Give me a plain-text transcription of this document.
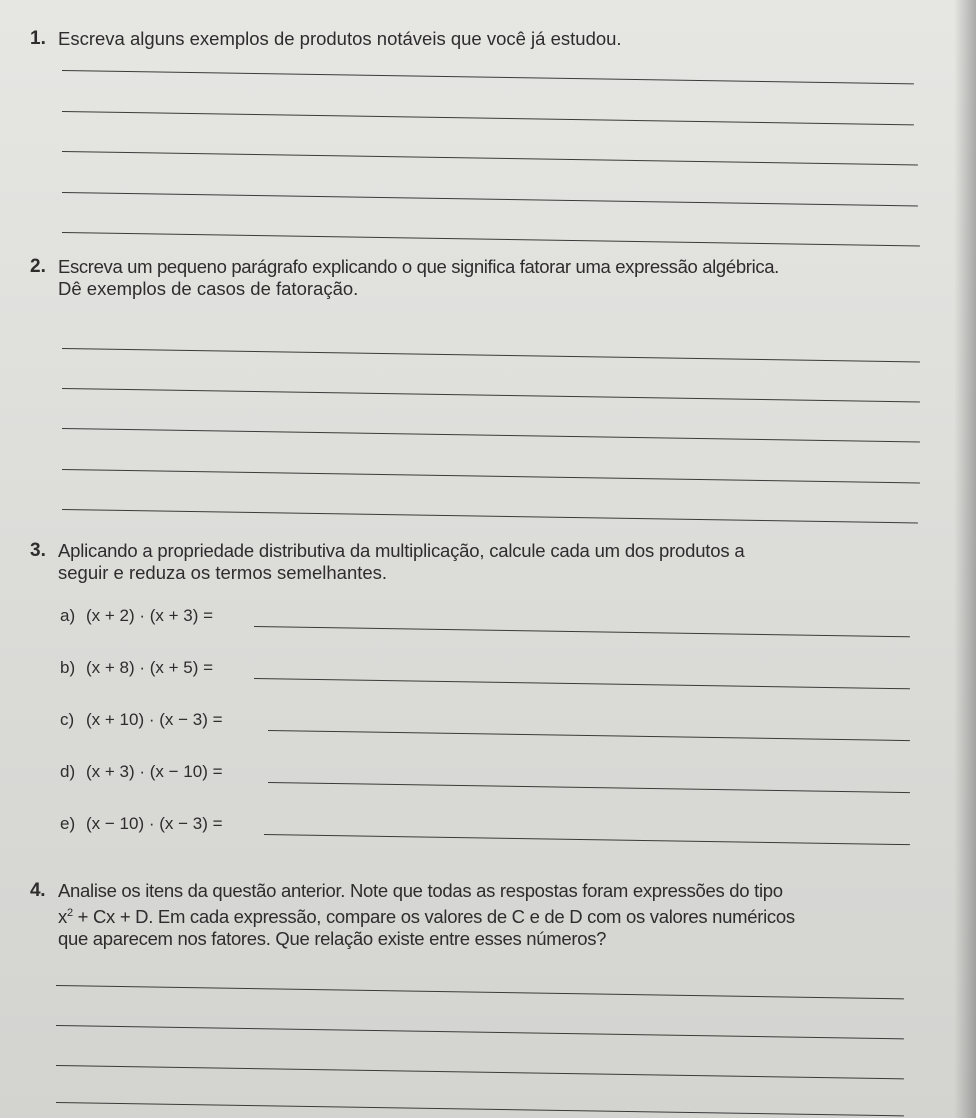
1. Escreva alguns exemplos de produtos notáveis que você já estudou.
2. Escreva um pequeno parágrafo explicando o que significa fatorar uma expressão algébrica.
Dê exemplos de casos de fatoração.
3. Aplicando a propriedade distributiva da multiplicação, calcule cada um dos produtos a
seguir e reduza os termos semelhantes.
a) (x + 2) · (x + 3) =
b) (x + 8) · (x + 5) =
c) (x + 10) · (x − 3) =
d) (x + 3) · (x − 10) =
e) (x − 10) · (x − 3) =
4. Analise os itens da questão anterior. Note que todas as respostas foram expressões do tipo
$x^2 + Cx + D$. Em cada expressão, compare os valores de C e de D com os valores numéricos
que aparecem nos fatores. Que relação existe entre esses números?
